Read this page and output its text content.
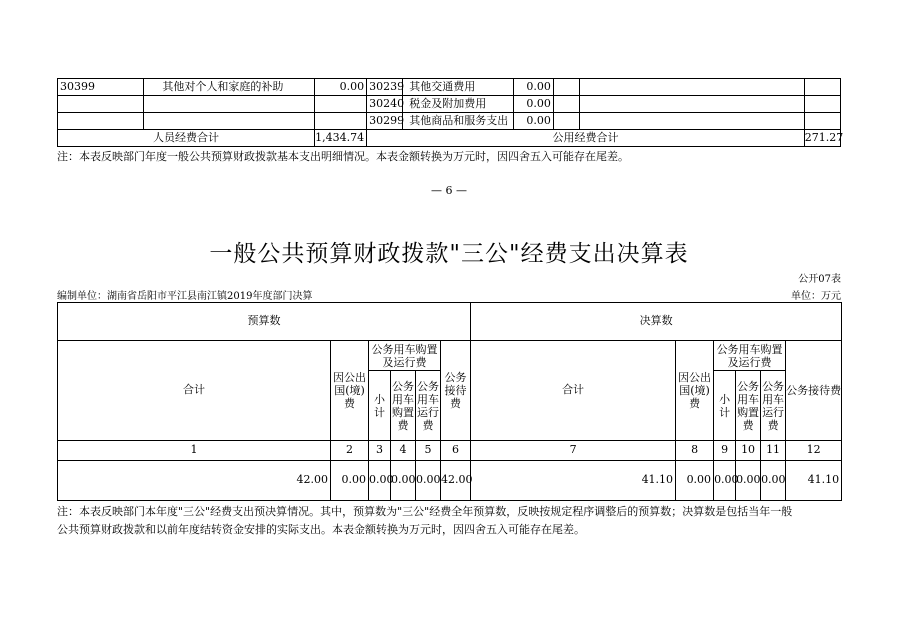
30399	其他对个人和家庭的补助	0.00	30239	其他交通费用	0.00			
			30240	税金及附加费用	0.00			
			30299	其他商品和服务支出	0.00			
人员经费合计		1,434.74	公用经费合计					271.27
注：本表反映部门年度一般公共预算财政拨款基本支出明细情况。本表金额转换为万元时，因四舍五入可能存在尾差。
— 6 —
一般公共预算财政拨款"三公"经费支出决算表
公开07表
编制单位：湖南省岳阳市平江县南江镇2019年度部门决算	单位：万元
预算数						决算数					
合计	因公出国(境)费	公务用车购置及运行费			公务接待费	合计	因公出国(境)费	公务用车购置及运行费			公务接待费
		小计	公务用车购置费	公务用车运行费				小计	公务用车购置费	公务用车运行费	
1	2	3	4	5	6	7	8	9	10	11	12
42.00	0.00	0.00	0.00	0.00	42.00	41.10	0.00	0.00	0.00	0.00	41.10
注：本表反映部门本年度"三公"经费支出预决算情况。其中，预算数为"三公"经费全年预算数，反映按规定程序调整后的预算数；决算数是包括当年一般
公共预算财政拨款和以前年度结转资金安排的实际支出。本表金额转换为万元时，因四舍五入可能存在尾差。
